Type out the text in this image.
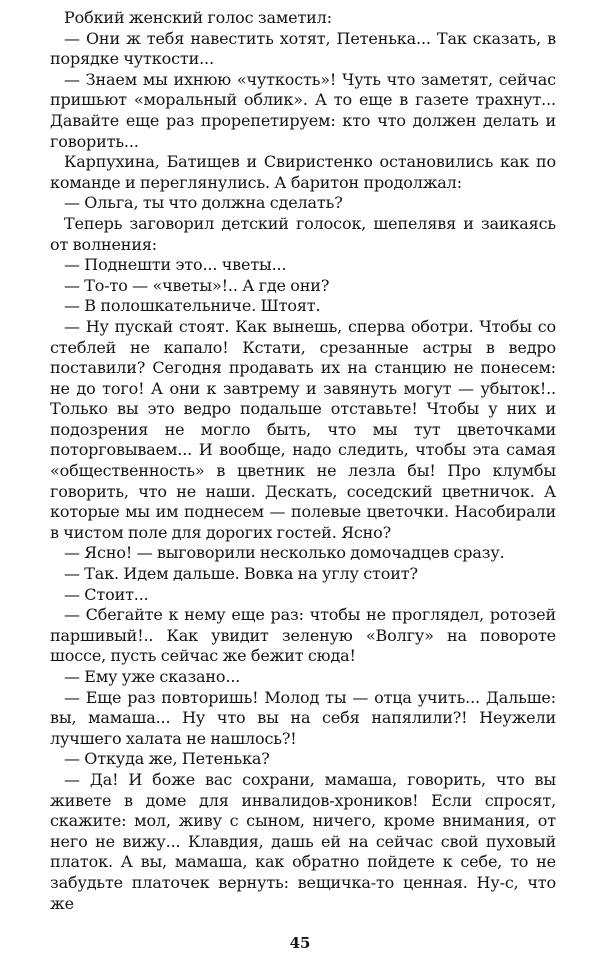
Робкий женский голос заметил:

— Они ж тебя навестить хотят, Петенька... Так сказать, в порядке чуткости...

— Знаем мы ихнюю «чуткость»! Чуть что заметят, сейчас пришьют «моральный облик». А то еще в газете трахнут... Давайте еще раз прорепетируем: кто что должен делать и говорить...

Карпухина, Батищев и Свиристенко остановились как по команде и переглянулись. А баритон продолжал:

— Ольга, ты что должна сделать?

Теперь заговорил детский голосок, шепелявя и заикаясь от волнения:

— Поднешти это... чветы...

— То-то — «чветы»!.. А где они?

— В полошкательниче. Штоят.

— Ну пускай стоят. Как вынешь, сперва оботри. Чтобы со стеблей не капало! Кстати, срезанные астры в ведро поставили? Сегодня продавать их на станцию не понесем: не до того! А они к завтрему и завянуть могут — убыток!.. Только вы это ведро подальше отставьте! Чтобы у них и подозрения не могло быть, что мы тут цветочками поторговываем... И вообще, надо следить, чтобы эта самая «общественность» в цветник не лезла бы! Про клумбы говорить, что не наши. Дескать, соседский цветничок. А которые мы им поднесем — полевые цветочки. Насобирали в чистом поле для дорогих гостей. Ясно?

— Ясно! — выговорили несколько домочадцев сразу.

— Так. Идем дальше. Вовка на углу стоит?

— Стоит...

— Сбегайте к нему еще раз: чтобы не проглядел, ротозей паршивый!.. Как увидит зеленую «Волгу» на повороте шоссе, пусть сейчас же бежит сюда!

— Ему уже сказано...

— Еще раз повторишь! Молод ты — отца учить... Дальше: вы, мамаша... Ну что вы на себя напялили?! Неужели лучшего халата не нашлось?!

— Откуда же, Петенька?

— Да! И боже вас сохрани, мамаша, говорить, что вы живете в доме для инвалидов-хроников! Если спросят, скажите: мол, живу с сыном, ничего, кроме внимания, от него не вижу... Клавдия, дашь ей на сейчас свой пуховый платок. А вы, мамаша, как обратно пойдете к себе, то не забудьте платочек вернуть: вещичка-то ценная. Ну-с, что же

45
